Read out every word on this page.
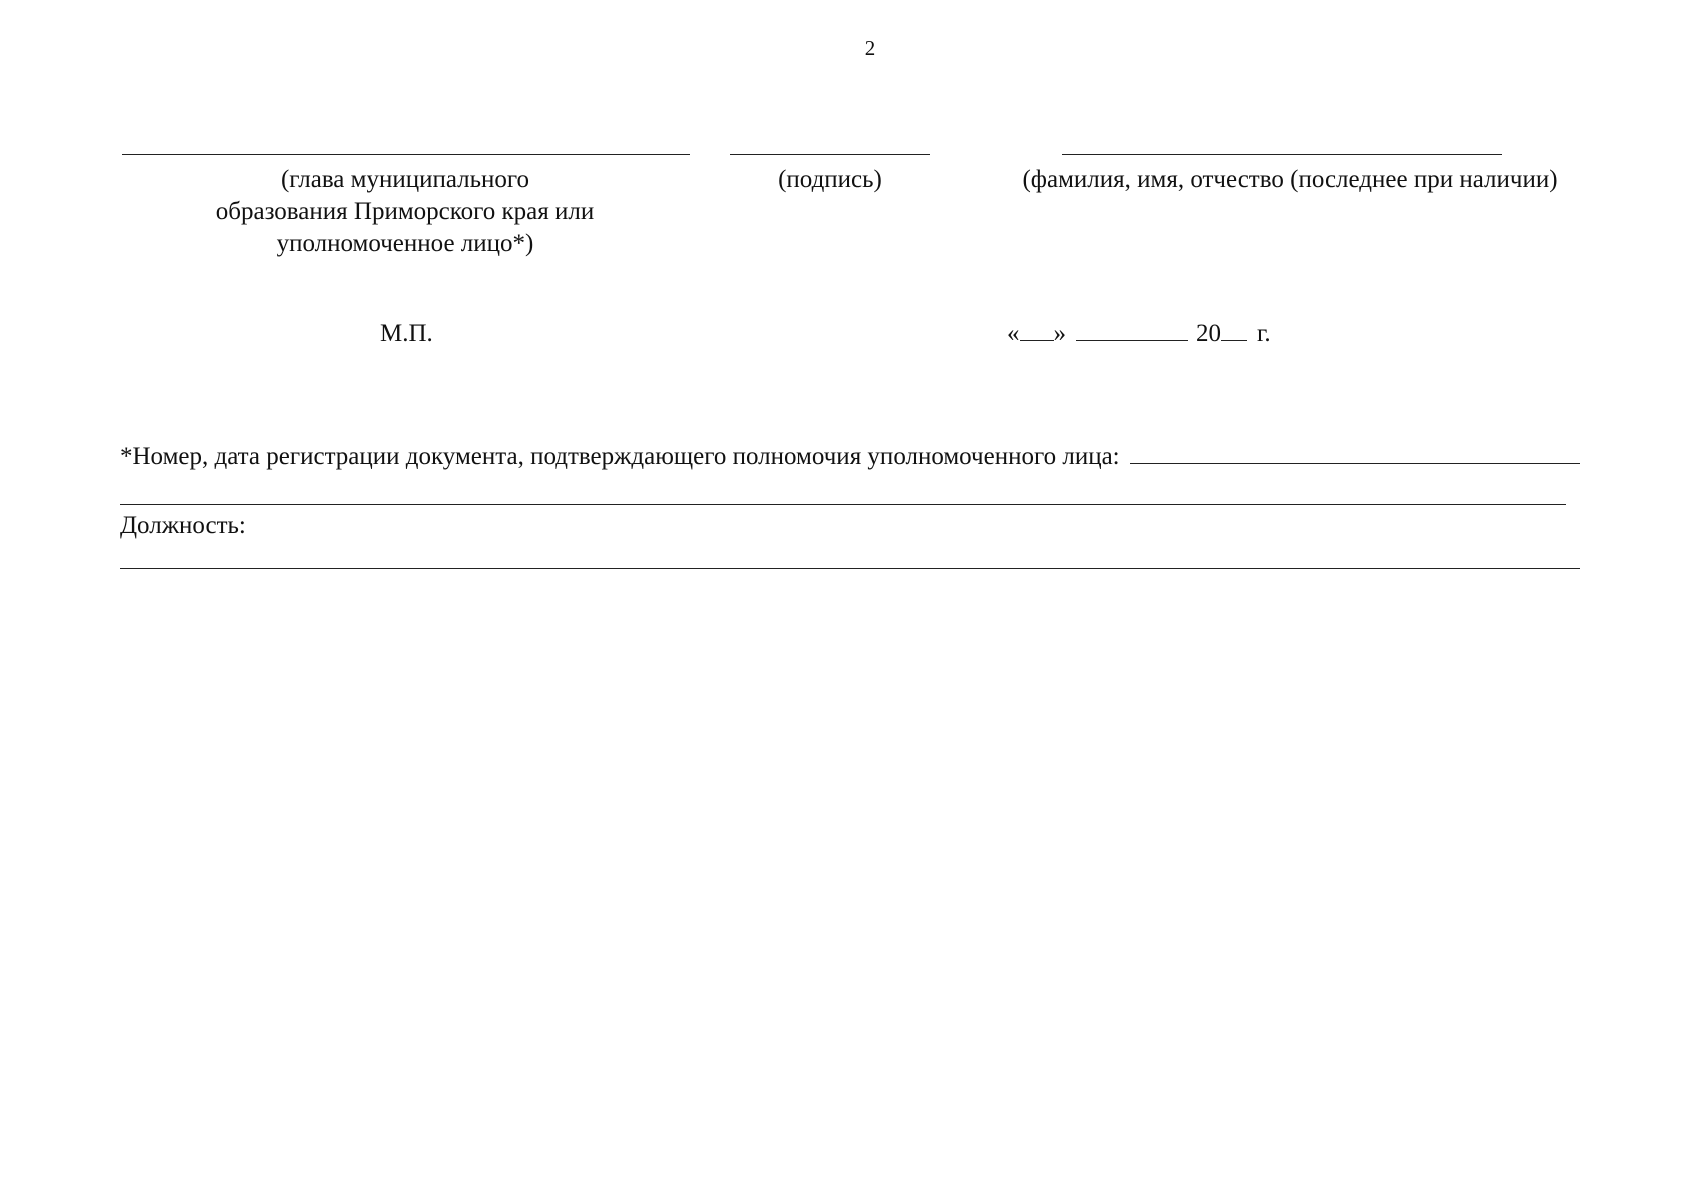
2
(глава муниципального
образования Приморского края или
уполномоченное лицо*)
(подпись)	(фамилия, имя, отчество (последнее при наличии)
М.П.	« »	20 г.
*Номер, дата регистрации документа, подтверждающего полномочия уполномоченного лица:
Должность:
